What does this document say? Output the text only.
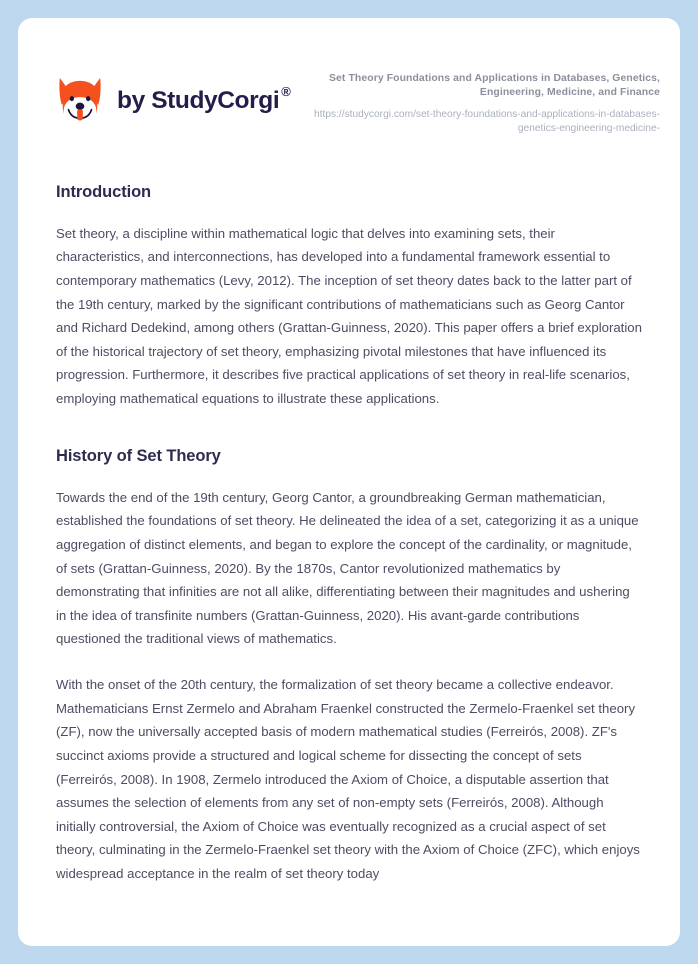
by StudyCorgi ®

Set Theory Foundations and Applications in Databases, Genetics, Engineering, Medicine, and Finance

https://studycorgi.com/set-theory-foundations-and-applications-in-databases-genetics-engineering-medicine-

Introduction

Set theory, a discipline within mathematical logic that delves into examining sets, their characteristics, and interconnections, has developed into a fundamental framework essential to contemporary mathematics (Levy, 2012). The inception of set theory dates back to the latter part of the 19th century, marked by the significant contributions of mathematicians such as Georg Cantor and Richard Dedekind, among others (Grattan-Guinness, 2020). This paper offers a brief exploration of the historical trajectory of set theory, emphasizing pivotal milestones that have influenced its progression. Furthermore, it describes five practical applications of set theory in real-life scenarios, employing mathematical equations to illustrate these applications.

History of Set Theory

Towards the end of the 19th century, Georg Cantor, a groundbreaking German mathematician, established the foundations of set theory. He delineated the idea of a set, categorizing it as a unique aggregation of distinct elements, and began to explore the concept of the cardinality, or magnitude, of sets (Grattan-Guinness, 2020). By the 1870s, Cantor revolutionized mathematics by demonstrating that infinities are not all alike, differentiating between their magnitudes and ushering in the idea of transfinite numbers (Grattan-Guinness, 2020). His avant-garde contributions questioned the traditional views of mathematics.

With the onset of the 20th century, the formalization of set theory became a collective endeavor. Mathematicians Ernst Zermelo and Abraham Fraenkel constructed the Zermelo-Fraenkel set theory (ZF), now the universally accepted basis of modern mathematical studies (Ferreirós, 2008). ZF's succinct axioms provide a structured and logical scheme for dissecting the concept of sets (Ferreirós, 2008). In 1908, Zermelo introduced the Axiom of Choice, a disputable assertion that assumes the selection of elements from any set of non-empty sets (Ferreirós, 2008). Although initially controversial, the Axiom of Choice was eventually recognized as a crucial aspect of set theory, culminating in the Zermelo-Fraenkel set theory with the Axiom of Choice (ZFC), which enjoys widespread acceptance in the realm of set theory today
